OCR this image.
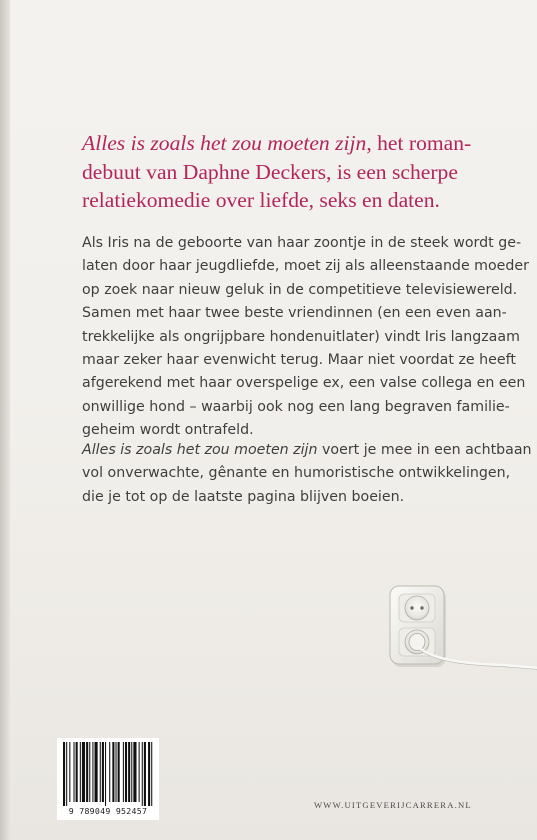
Alles is zoals het zou moeten zijn, het roman-
debuut van Daphne Deckers, is een scherpe
relatiekomedie over liefde, seks en daten.

Als Iris na de geboorte van haar zoontje in de steek wordt ge-
laten door haar jeugdliefde, moet zij als alleenstaande moeder
op zoek naar nieuw geluk in de competitieve televisiewereld.
Samen met haar twee beste vriendinnen (en een even aan-
trekkelijke als ongrijpbare hondenuitlater) vindt Iris langzaam
maar zeker haar evenwicht terug. Maar niet voordat ze heeft
afgerekend met haar overspelige ex, een valse collega en een
onwillige hond – waarbij ook nog een lang begraven familie-
geheim wordt ontrafeld.

Alles is zoals het zou moeten zijn voert je mee in een achtbaan
vol onverwachte, gênante en humoristische ontwikkelingen,
die je tot op de laatste pagina blijven boeien.

9 789049 952457
WWW.UITGEVERIJCARRERA.NL
